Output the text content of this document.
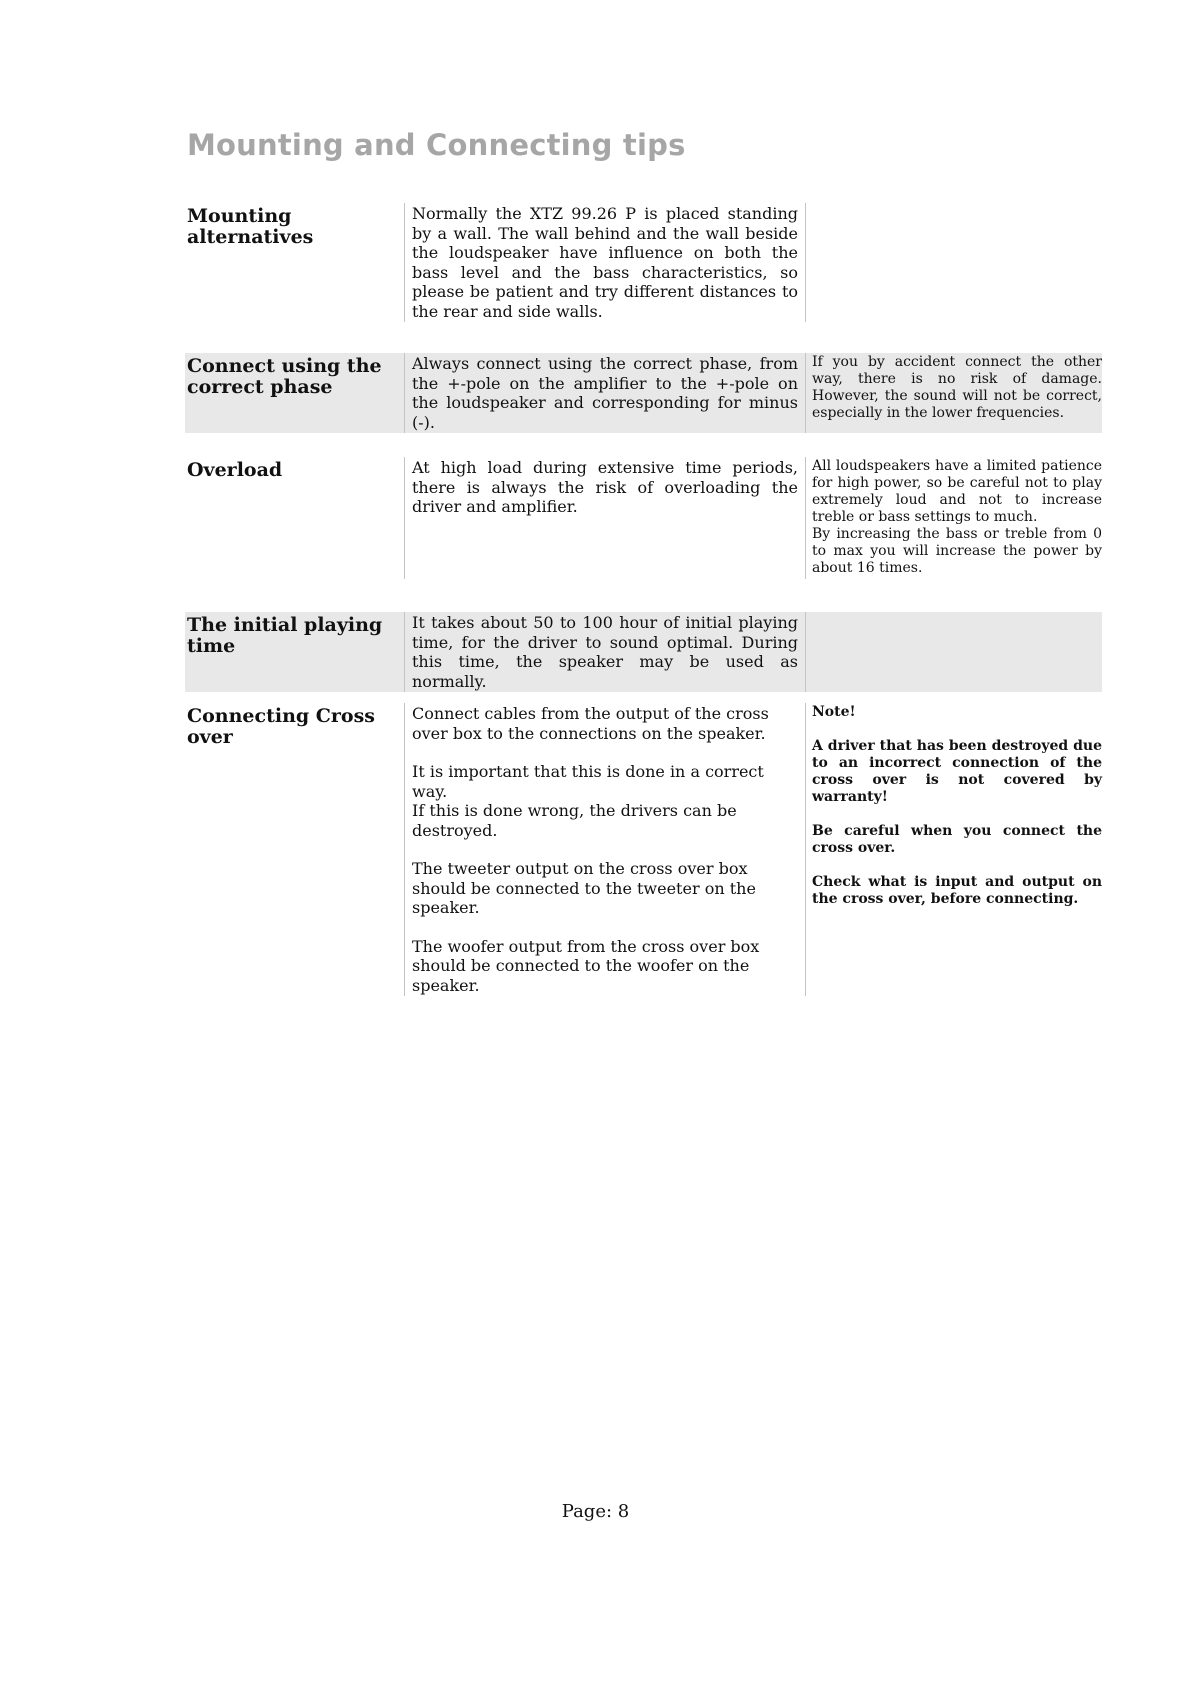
Mounting and Connecting tips
Mounting alternatives

Normally the XTZ 99.26 P is placed standing by a wall. The wall behind and the wall beside the loudspeaker have influence on both the bass level and the bass characteristics, so please be patient and try different distances to the rear and side walls.

Connect using the correct phase

Always connect using the correct phase, from the +-pole on the amplifier to the +-pole on the loudspeaker and corresponding for minus (-).

If you by accident connect the other way, there is no risk of damage. However, the sound will not be correct, especially in the lower frequencies.

Overload	At high load during extensive time periods, there is always the risk of overloading the driver and amplifier.

All loudspeakers have a limited patience for high power, so be careful not to play extremely loud and not to increase treble or bass settings to much.

By increasing the bass or treble from 0 to max you will increase the power by about 16 times.

The initial playing time

It takes about 50 to 100 hour of initial playing time, for the driver to sound optimal. During this time, the speaker may be used as normally.

Connecting Cross over

Connect cables from the output of the cross over box to the connections on the speaker.

It is important that this is done in a correct way.
If this is done wrong, the drivers can be destroyed.

The tweeter output on the cross over box should be connected to the tweeter on the speaker.

The woofer output from the cross over box should be connected to the woofer on the speaker.

Note!

A driver that has been destroyed due to an incorrect connection of the cross over is not covered by warranty!

Be careful when you connect the cross over.

Check what is input and output on the cross over, before connecting.

Page: 8
